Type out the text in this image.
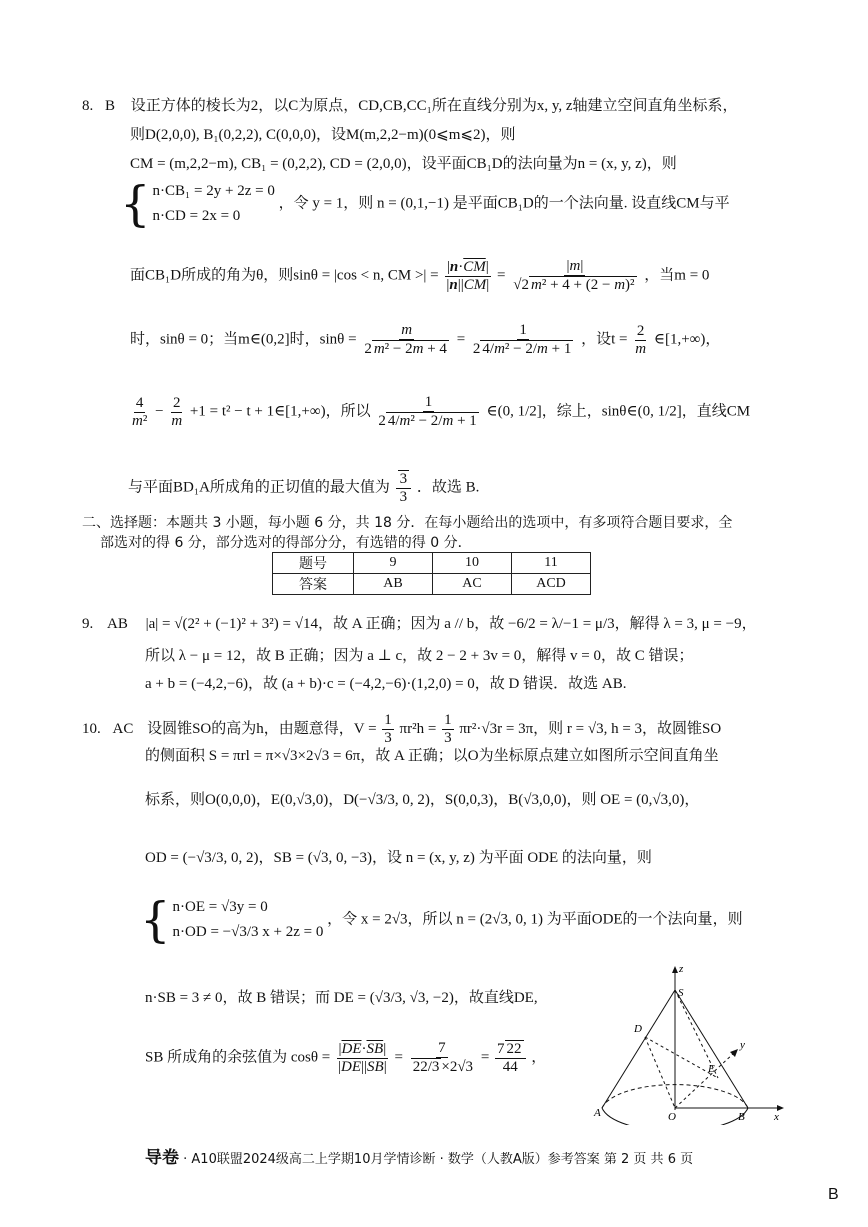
8. B 设正方体的棱长为2，以C为原点，CD,CB,CC₁所在直线分别为x, y, z轴建立空间直角坐标系，
则D(2,0,0), B₁(0,2,2), C(0,0,0)，设M(m,2,2−m)(0⩽m⩽2)，则
CM = (m,2,2−m), CB₁ = (0,2,2), CD = (2,0,0)，设平面CB₁D的法向量为n = (x, y, z)，则
{ n·CB₁ = 2y + 2z = 0
n·CD = 2x = 0
，令 y = 1，则 n = (0,1,−1) 是平面CB₁D的一个法向量. 设直线CM与平
面CB₁D所成的角为θ，则sinθ = |cos < n, CM >| = $\frac{|n\cdot\overline{CM}|}{|n||\overline{CM}|} = \frac{|m|}{\text{√2 m² + 4 + (2 − m)²}}$ ，当m = 0
时，sinθ = 0；当m∈(0,2]时，$\sin\theta = \frac{m}{\text{2 m² − 2m + 4}} = \frac{1}{\text{2 4/m² − 2/m + 1}}$ ，设$t = \frac{2}{m}$ ∈[1,+∞)，
$\frac{4}{\text{m²}} - \frac{2}{m} +1 = t^2 - t$ + 1∈[1,+∞)，所以 $\frac{1}{\text{2 4/m² − 2/m + 1}}$ ∈(0, 1/2]，综上，sinθ∈(0, 1/2]，直线CM
与平面BD₁A所成角的正切值的最大值为 $\frac{3}{3}$ ．故选 B.
二、选择题：本题共 3 小题，每小题 6 分，共 18 分．在每小题给出的选项中，有多项符合题目要求，全
部选对的得 6 分，部分选对的得部分分，有选错的得 0 分．
题号	9	10	11
答案	AB	AC	ACD
9. AB |a| = √(2² + (−1)² + 3²) = √14，故 A 正确；因为 a // b，故 −6/2 = λ/−1 = μ/3，解得 λ = 3, μ = −9，
所以 λ − μ = 12，故 B 正确；因为 a ⊥ c，故 2 − 2 + 3v = 0，解得 v = 0，故 C 错误；
a + b = (−4,2,−6)，故 (a + b)·c = (−4,2,−6)·(1,2,0) = 0，故 D 错误．故选 AB.
10. AC 设圆锥SO的高为h，由题意得，$V = \frac{1}{3} \pi r^2h = \frac{1}{3} \pi r^2\cdot√3r = 3\pi$，则 r = √3, h = 3，故圆锥SO
的侧面积 S = πrl = π×√3×2√3 = 6π，故 A 正确；以O为坐标原点建立如图所示空间直角坐
标系，则O(0,0,0)，E(0,√3,0)，D(−√3/3, 0, 2)，S(0,0,3)，B(√3,0,0)，则 OE = (0,√3,0)，
OD = (−√3/3, 0, 2)，SB = (√3, 0, −3)，设 n = (x, y, z) 为平面 ODE 的法向量，则
{ n·OE = √3y = 0
n·OD = −√3/3 x + 2z = 0
，令 x = 2√3，所以 n = (2√3, 0, 1) 为平面ODE的一个法向量，则
n·SB = 3 ≠ 0，故 B 错误；而 DE = (√3/3, √3, −2)，故直线DE,
SB 所成角的余弦值为 $\cos\theta = \frac{|\overline{DE}\cdot\overline{SB}|}{|\overline{DE}||\overline{SB}|} = \frac{7}{22/3 \times 2√3} = \frac{7 22}{44}$ ，
z
S
D
y
E
A	O	B	x
导卷 · A10联盟2024级高二上学期10月学情诊断 · 数学（人教A版）参考答案 第 2 页 共 6 页
B
